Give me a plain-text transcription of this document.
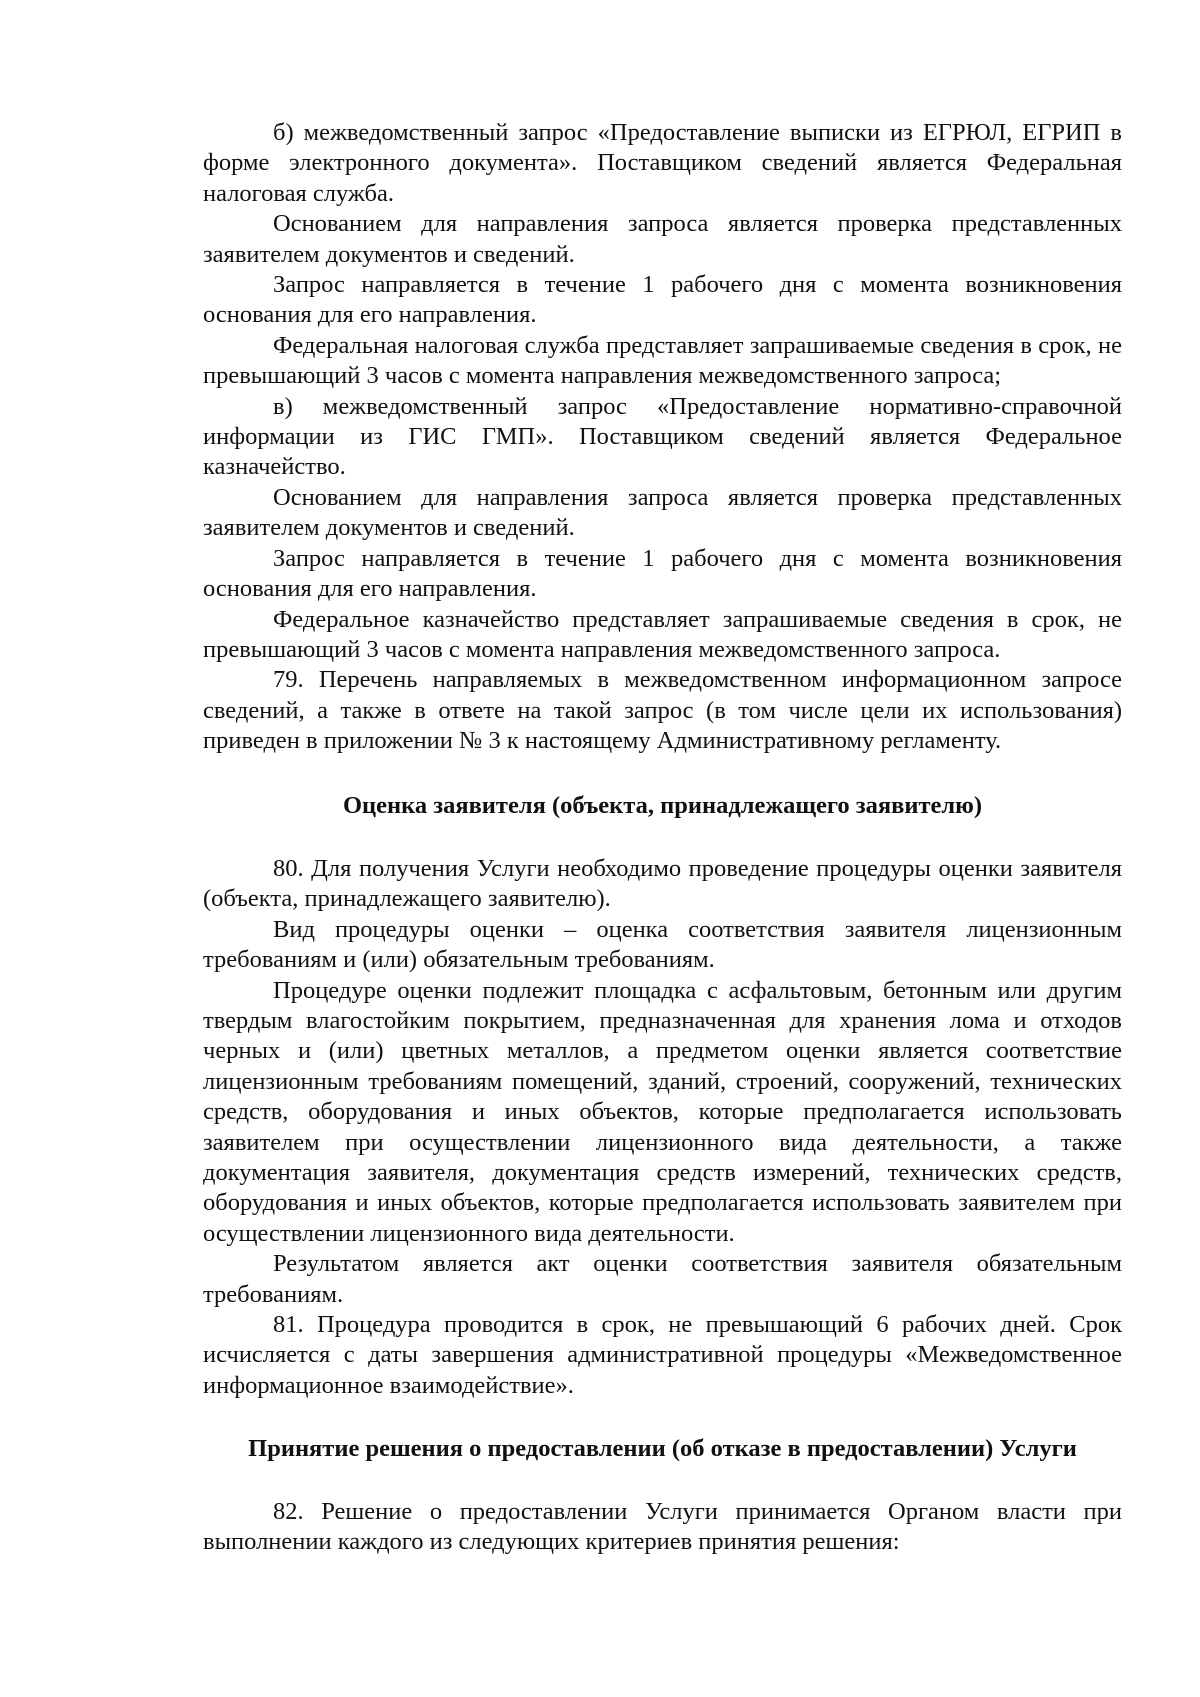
б) межведомственный запрос «Предоставление выписки из ЕГРЮЛ, ЕГРИП в форме электронного документа». Поставщиком сведений является Федеральная налоговая служба.

Основанием для направления запроса является проверка представленных заявителем документов и сведений.

Запрос направляется в течение 1 рабочего дня с момента возникновения основания для его направления.

Федеральная налоговая служба представляет запрашиваемые сведения в срок, не превышающий 3 часов с момента направления межведомственного запроса;

в) межведомственный запрос «Предоставление нормативно-справочной информации из ГИС ГМП». Поставщиком сведений является Федеральное казначейство.

Основанием для направления запроса является проверка представленных заявителем документов и сведений.

Запрос направляется в течение 1 рабочего дня с момента возникновения основания для его направления.

Федеральное казначейство представляет запрашиваемые сведения в срок, не превышающий 3 часов с момента направления межведомственного запроса.

79. Перечень направляемых в межведомственном информационном запросе сведений, а также в ответе на такой запрос (в том числе цели их использования) приведен в приложении № 3 к настоящему Административному регламенту.

Оценка заявителя (объекта, принадлежащего заявителю)

80. Для получения Услуги необходимо проведение процедуры оценки заявителя (объекта, принадлежащего заявителю).

Вид процедуры оценки – оценка соответствия заявителя лицензионным требованиям и (или) обязательным требованиям.

Процедуре оценки подлежит площадка с асфальтовым, бетонным или другим твердым влагостойким покрытием, предназначенная для хранения лома и отходов черных и (или) цветных металлов, а предметом оценки является соответствие лицензионным требованиям помещений, зданий, строений, сооружений, технических средств, оборудования и иных объектов, которые предполагается использовать заявителем при осуществлении лицензионного вида деятельности, а также документация заявителя, документация средств измерений, технических средств, оборудования и иных объектов, которые предполагается использовать заявителем при осуществлении лицензионного вида деятельности.

Результатом является акт оценки соответствия заявителя обязательным требованиям.

81. Процедура проводится в срок, не превышающий 6 рабочих дней. Срок исчисляется с даты завершения административной процедуры «Межведомственное информационное взаимодействие».

Принятие решения о предоставлении (об отказе в предоставлении) Услуги

82. Решение о предоставлении Услуги принимается Органом власти при выполнении каждого из следующих критериев принятия решения:
